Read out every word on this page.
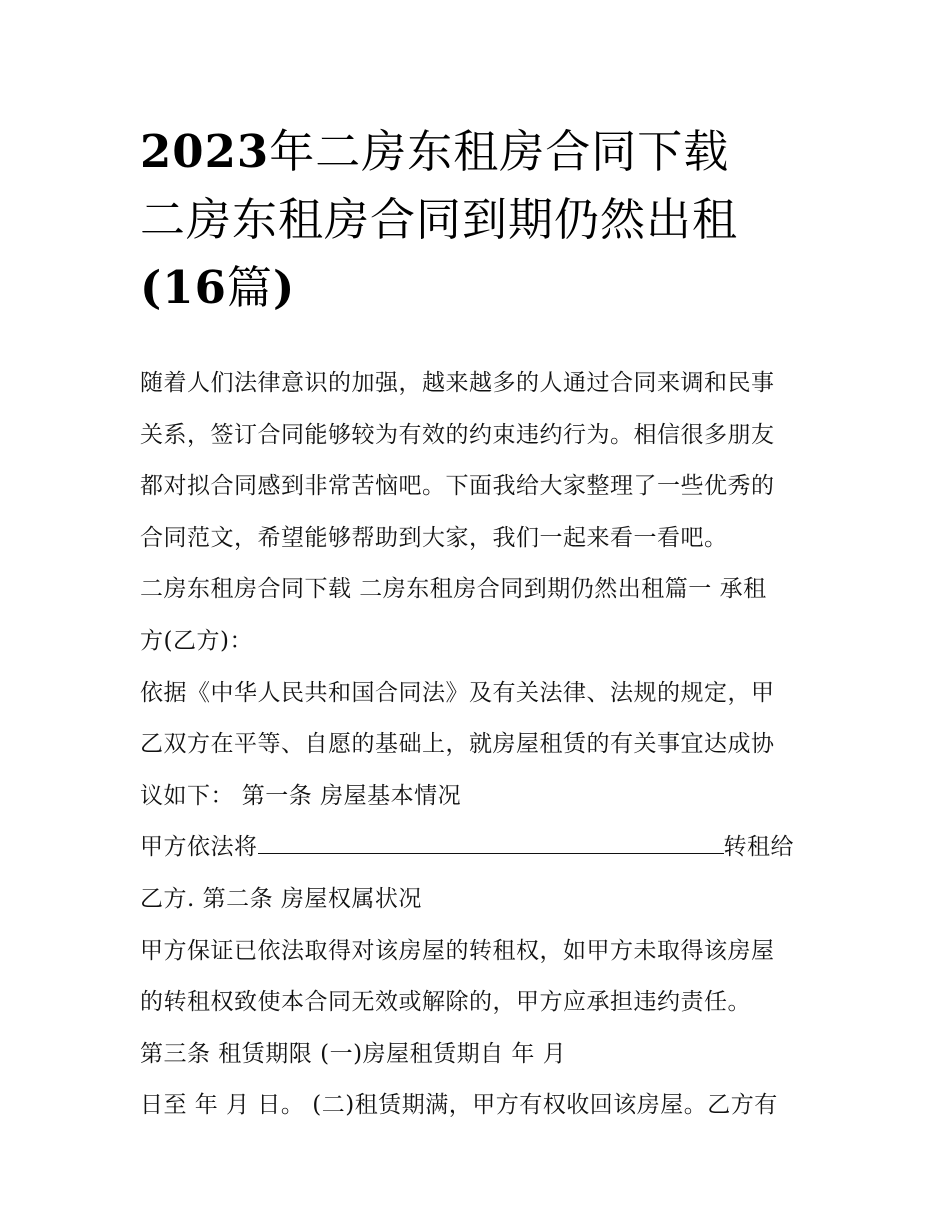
2023年二房东租房合同下载
二房东租房合同到期仍然出租
(16篇)
随着人们法律意识的加强，越来越多的人通过合同来调和民事
关系，签订合同能够较为有效的约束违约行为。相信很多朋友
都对拟合同感到非常苦恼吧。下面我给大家整理了一些优秀的
合同范文，希望能够帮助到大家，我们一起来看一看吧。
二房东租房合同下载 二房东租房合同到期仍然出租篇一 承租
方(乙方)：
依据《中华人民共和国合同法》及有关法律、法规的规定，甲
乙双方在平等、自愿的基础上，就房屋租赁的有关事宜达成协
议如下： 第一条 房屋基本情况
甲方依法将	转租给
乙方. 第二条 房屋权属状况
甲方保证已依法取得对该房屋的转租权，如甲方未取得该房屋
的转租权致使本合同无效或解除的，甲方应承担违约责任。
第三条 租赁期限 (一)房屋租赁期自 年 月
日至 年 月 日。 (二)租赁期满，甲方有权收回该房屋。乙方有
